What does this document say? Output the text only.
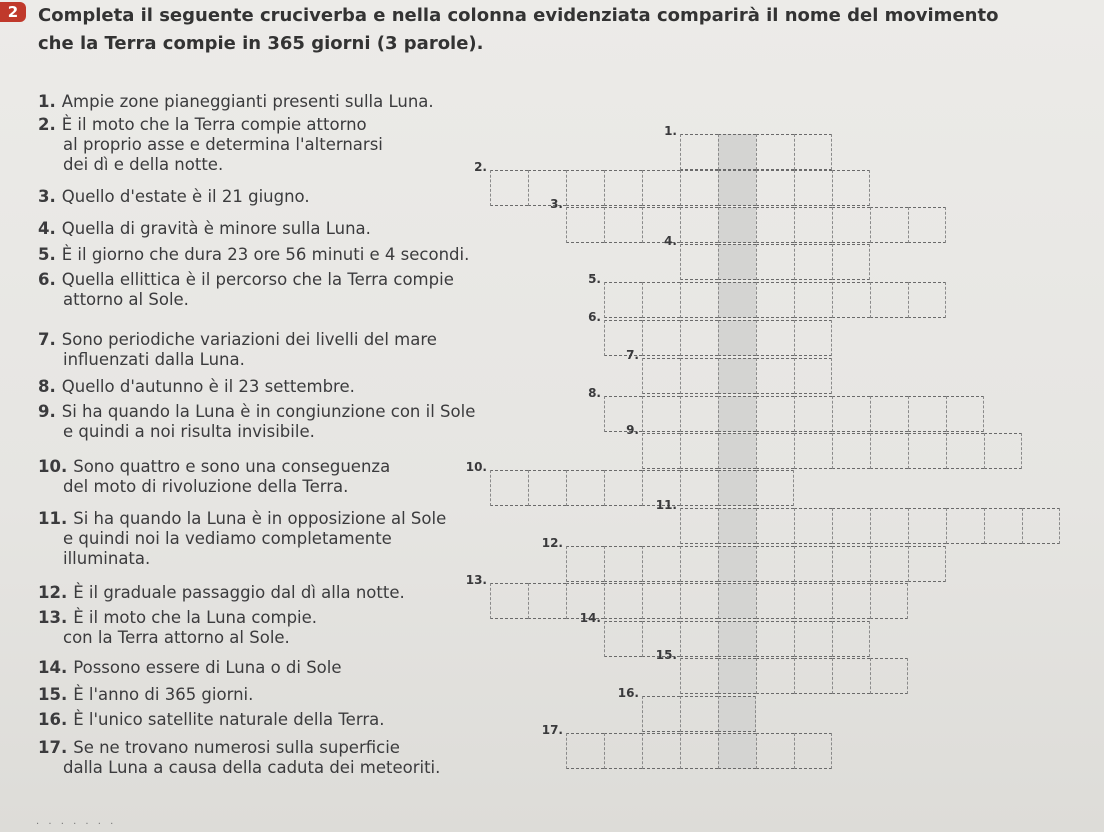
2	Completa il seguente cruciverba e nella colonna evidenziata comparirà il nome del movimento che la Terra compie in 365 giorni (3 parole).
1. Ampie zone pianeggianti presenti sulla Luna.
2. È il moto che la Terra compie attorno
al proprio asse e determina l'alternarsi
dei dì e della notte.
3. Quello d'estate è il 21 giugno.
4. Quella di gravità è minore sulla Luna.
5. È il giorno che dura 23 ore 56 minuti e 4 secondi.
6. Quella ellittica è il percorso che la Terra compie
attorno al Sole.
7. Sono periodiche variazioni dei livelli del mare
influenzati dalla Luna.
8. Quello d'autunno è il 23 settembre.
9. Si ha quando la Luna è in congiunzione con il Sole
e quindi a noi risulta invisibile.
10. Sono quattro e sono una conseguenza
del moto di rivoluzione della Terra.
11. Si ha quando la Luna è in opposizione al Sole
e quindi noi la vediamo completamente
illuminata.
12. È il graduale passaggio dal dì alla notte.
13. È il moto che la Luna compie.
con la Terra attorno al Sole.
14. Possono essere di Luna o di Sole
15. È l'anno di 365 giorni.
16. È l'unico satellite naturale della Terra.
17. Se ne trovano numerosi sulla superficie
dalla Luna a causa della caduta dei meteoriti.
1.
2.
3.
4.
5.
6.
7.
8.
9.
10.
11.
12.
13.
14.
15.
16.
17.
· · · · · · ·
